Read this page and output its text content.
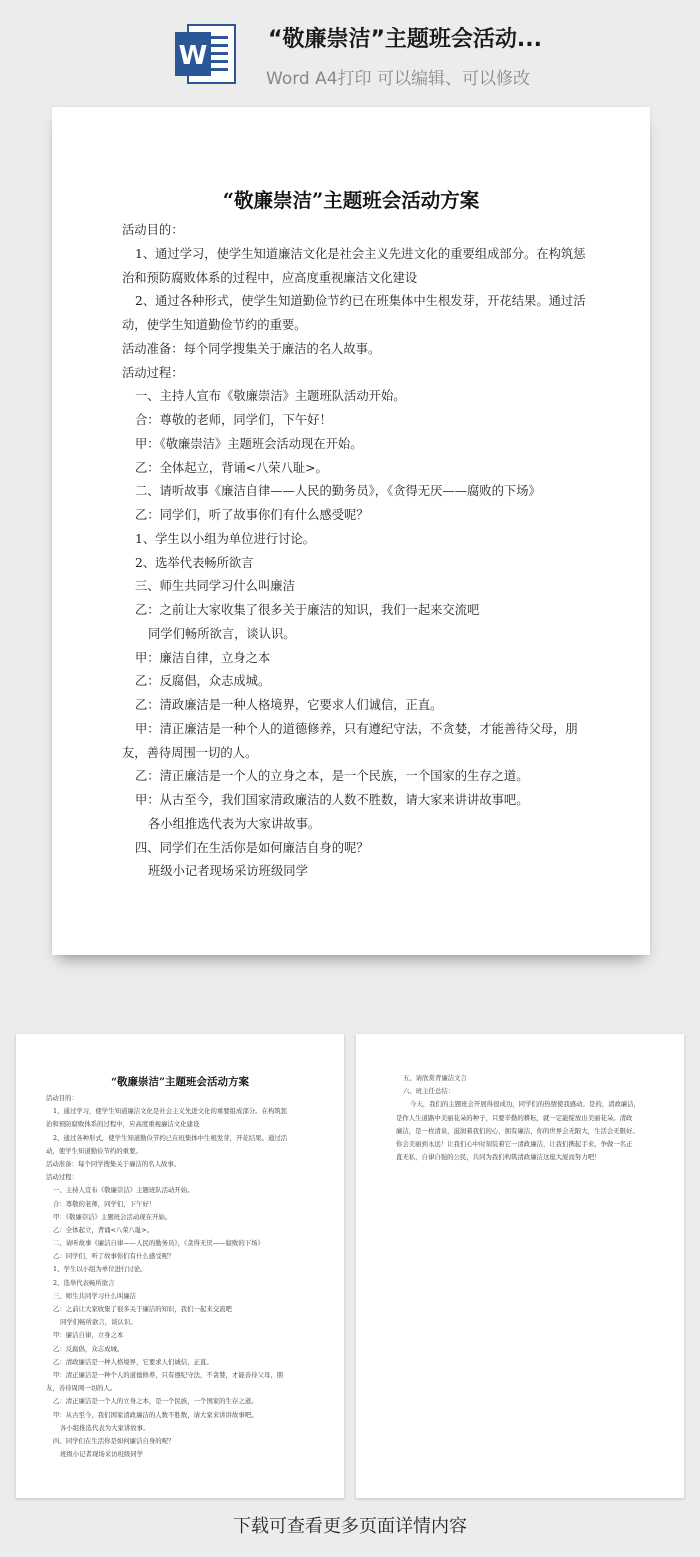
W
“敬廉崇洁”主题班会活动...
Word A4打印 可以编辑、可以修改
“敬廉崇洁”主题班会活动方案
活动目的：
1、通过学习，使学生知道廉洁文化是社会主义先进文化的重要组成部分。在构筑惩
治和预防腐败体系的过程中，应高度重视廉洁文化建设
2、通过各种形式，使学生知道勤俭节约已在班集体中生根发芽，开花结果。通过活
动，使学生知道勤俭节约的重要。
活动准备：每个同学搜集关于廉洁的名人故事。
活动过程：
一、主持人宣布《敬廉崇洁》主题班队活动开始。
合：尊敬的老师，同学们，下午好！
甲：《敬廉崇洁》主题班会活动现在开始。
乙：全体起立，背诵<八荣八耻>。
二、请听故事《廉洁自律——人民的勤务员》，《贪得无厌——腐败的下场》
乙：同学们，听了故事你们有什么感受呢？
1、学生以小组为单位进行讨论。
2、选举代表畅所欲言
三、师生共同学习什么叫廉洁
乙：之前让大家收集了很多关于廉洁的知识，我们一起来交流吧
同学们畅所欲言，谈认识。
甲：廉洁自律，立身之本
乙：反腐倡，众志成城。
乙：清政廉洁是一种人格境界，它要求人们诚信，正直。
甲：清正廉洁是一种个人的道德修养，只有遵纪守法，不贪婪，才能善待父母，朋
友，善待周围一切的人。
乙：清正廉洁是一个人的立身之本，是一个民族，一个国家的生存之道。
甲：从古至今，我们国家清政廉洁的人数不胜数，请大家来讲讲故事吧。
各小组推选代表为大家讲故事。
四、同学们在生活你是如何廉洁自身的呢？
班级小记者现场采访班级同学
“敬廉崇洁”主题班会活动方案
活动目的：
1、通过学习，使学生知道廉洁文化是社会主义先进文化的重要组成部分。在构筑惩
治和预防腐败体系的过程中，应高度重视廉洁文化建设
2、通过各种形式，使学生知道勤俭节约已在班集体中生根发芽，开花结果。通过活
动，使学生知道勤俭节约的重要。
活动准备：每个同学搜集关于廉洁的名人故事。
活动过程：
一、主持人宣布《敬廉崇洁》主题班队活动开始。
合：尊敬的老师，同学们，下午好！
甲：《敬廉崇洁》主题班会活动现在开始。
乙：全体起立，背诵<八荣八耻>。
二、请听故事《廉洁自律——人民的勤务员》，《贪得无厌——腐败的下场》
乙：同学们，听了故事你们有什么感受呢？
1、学生以小组为单位进行讨论。
2、选举代表畅所欲言
三、师生共同学习什么叫廉洁
乙：之前让大家收集了很多关于廉洁的知识，我们一起来交流吧
同学们畅所欲言，谈认识。
甲：廉洁自律，立身之本
乙：反腐倡，众志成城。
乙：清政廉洁是一种人格境界，它要求人们诚信，正直。
甲：清正廉洁是一种个人的道德修养，只有遵纪守法，不贪婪，才能善待父母，朋
友，善待周围一切的人。
乙：清正廉洁是一个人的立身之本，是一个民族，一个国家的生存之道。
甲：从古至今，我们国家清政廉洁的人数不胜数，请大家来讲讲故事吧。
各小组推选代表为大家讲故事。
四、同学们在生活你是如何廉洁自身的呢？
班级小记者现场采访班级同学
五、请欣赏背廉洁文言
六、班主任总结：
今天，我们的主题班会开展得很成功，同学们的热情使我感动。是的，清政廉洁，
是作人生道路中美丽花朵的种子，只要辛勤的耕耘，就一定能绽放出美丽花朵。清政
廉洁，是一枚清泉，滋润着我们的心，拥有廉洁，你的世界会无限大，生活会无限好。
你会美丽到永远！让我们心中时刻装着它一清政廉洁，让我们携起手来，争做一名正
直无私，自律自强的公民，共同为我们构筑清政廉洁这座大厦而努力吧！
下载可查看更多页面详情内容
